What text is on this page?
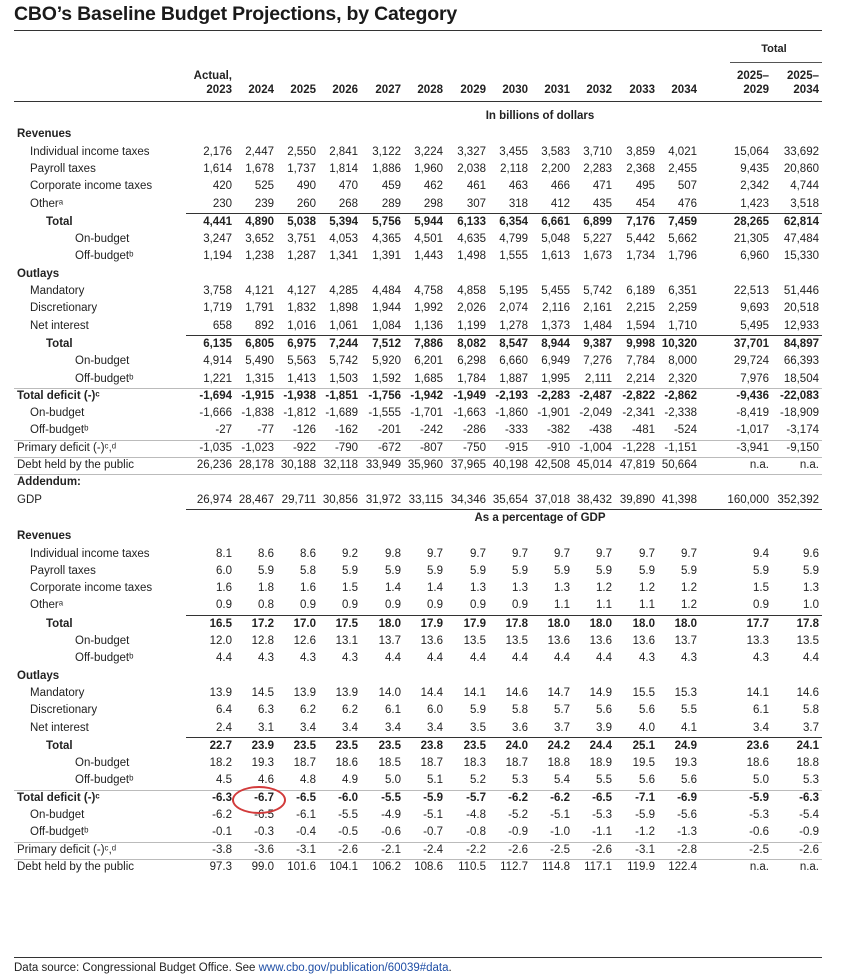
CBO’s Baseline Budget Projections, by Category
Total
Actual,
2023	2024	2025	2026	2027	2028	2029	2030	2031	2032	2033	2034
2025–
2029
2025–
2034
In billions of dollars
Revenues
Individual income taxes	2,176	2,447	2,550	2,841	3,122	3,224	3,327	3,455	3,583	3,710	3,859	4,021	15,064	33,692
Payroll taxes	1,614	1,678	1,737	1,814	1,886	1,960	2,038	2,118	2,200	2,283	2,368	2,455	9,435	20,860
Corporate income taxes	420	525	490	470	459	462	461	463	466	471	495	507	2,342	4,744
Otherᵃ	230	239	260	268	289	298	307	318	412	435	454	476	1,423	3,518
Total	4,441	4,890	5,038	5,394	5,756	5,944	6,133	6,354	6,661	6,899	7,176	7,459	28,265	62,814
On-budget	3,247	3,652	3,751	4,053	4,365	4,501	4,635	4,799	5,048	5,227	5,442	5,662	21,305	47,484
Off-budgetᵇ	1,194	1,238	1,287	1,341	1,391	1,443	1,498	1,555	1,613	1,673	1,734	1,796	6,960	15,330
Outlays
Mandatory	3,758	4,121	4,127	4,285	4,484	4,758	4,858	5,195	5,455	5,742	6,189	6,351	22,513	51,446
Discretionary	1,719	1,791	1,832	1,898	1,944	1,992	2,026	2,074	2,116	2,161	2,215	2,259	9,693	20,518
Net interest	658	892	1,016	1,061	1,084	1,136	1,199	1,278	1,373	1,484	1,594	1,710	5,495	12,933
Total	6,135	6,805	6,975	7,244	7,512	7,886	8,082	8,547	8,944	9,387	9,998 10,320	37,701	84,897
On-budget	4,914	5,490	5,563	5,742	5,920	6,201	6,298	6,660	6,949	7,276	7,784	8,000	29,724	66,393
Off-budgetᵇ	1,221	1,315	1,413	1,503	1,592	1,685	1,784	1,887	1,995	2,111	2,214	2,320	7,976	18,504
Total deficit (-)ᶜ	-1,694 -1,915 -1,938 -1,851 -1,756 -1,942 -1,949 -2,193 -2,283 -2,487 -2,822 -2,862	-9,436 -22,083
On-budget	-1,666 -1,838 -1,812 -1,689 -1,555 -1,701 -1,663 -1,860 -1,901 -2,049 -2,341 -2,338	-8,419 -18,909
Off-budgetᵇ	-27	-77	-126	-162	-201	-242	-286	-333	-382	-438	-481	-524	-1,017	-3,174
Primary deficit (-)ᶜ,ᵈ	-1,035 -1,023	-922	-790	-672	-807	-750	-915	-910 -1,004 -1,228 -1,151	-3,941	-9,150
Debt held by the public	26,236 28,178 30,188 32,118 33,949 35,960 37,965 40,198 42,508 45,014 47,819 50,664	n.a.	n.a.
Addendum:
GDP	26,974 28,467 29,711 30,856 31,972 33,115 34,346 35,654 37,018 38,432 39,890 41,398	160,000 352,392
As a percentage of GDP
Revenues
Individual income taxes	8.1	8.6	8.6	9.2	9.8	9.7	9.7	9.7	9.7	9.7	9.7	9.7	9.4	9.6
Payroll taxes	6.0	5.9	5.8	5.9	5.9	5.9	5.9	5.9	5.9	5.9	5.9	5.9	5.9	5.9
Corporate income taxes	1.6	1.8	1.6	1.5	1.4	1.4	1.3	1.3	1.3	1.2	1.2	1.2	1.5	1.3
Otherᵃ	0.9	0.8	0.9	0.9	0.9	0.9	0.9	0.9	1.1	1.1	1.1	1.2	0.9	1.0
Total	16.5	17.2	17.0	17.5	18.0	17.9	17.9	17.8	18.0	18.0	18.0	18.0	17.7	17.8
On-budget	12.0	12.8	12.6	13.1	13.7	13.6	13.5	13.5	13.6	13.6	13.6	13.7	13.3	13.5
Off-budgetᵇ	4.4	4.3	4.3	4.3	4.4	4.4	4.4	4.4	4.4	4.4	4.3	4.3	4.3	4.4
Outlays
Mandatory	13.9	14.5	13.9	13.9	14.0	14.4	14.1	14.6	14.7	14.9	15.5	15.3	14.1	14.6
Discretionary	6.4	6.3	6.2	6.2	6.1	6.0	5.9	5.8	5.7	5.6	5.6	5.5	6.1	5.8
Net interest	2.4	3.1	3.4	3.4	3.4	3.4	3.5	3.6	3.7	3.9	4.0	4.1	3.4	3.7
Total	22.7	23.9	23.5	23.5	23.5	23.8	23.5	24.0	24.2	24.4	25.1	24.9	23.6	24.1
On-budget	18.2	19.3	18.7	18.6	18.5	18.7	18.3	18.7	18.8	18.9	19.5	19.3	18.6	18.8
Off-budgetᵇ	4.5	4.6	4.8	4.9	5.0	5.1	5.2	5.3	5.4	5.5	5.6	5.6	5.0	5.3
Total deficit (-)ᶜ	-6.3	-6.7	-6.5	-6.0	-5.5	-5.9	-5.7	-6.2	-6.2	-6.5	-7.1	-6.9	-5.9	-6.3
On-budget	-6.2	-6.5	-6.1	-5.5	-4.9	-5.1	-4.8	-5.2	-5.1	-5.3	-5.9	-5.6	-5.3	-5.4
Off-budgetᵇ	-0.1	-0.3	-0.4	-0.5	-0.6	-0.7	-0.8	-0.9	-1.0	-1.1	-1.2	-1.3	-0.6	-0.9
Primary deficit (-)ᶜ,ᵈ	-3.8	-3.6	-3.1	-2.6	-2.1	-2.4	-2.2	-2.6	-2.5	-2.6	-3.1	-2.8	-2.5	-2.6
Debt held by the public	97.3	99.0	101.6	104.1	106.2	108.6	110.5	112.7	114.8	117.1	119.9	122.4	n.a.	n.a.
Data source: Congressional Budget Office. See www.cbo.gov/publication/60039#data.
